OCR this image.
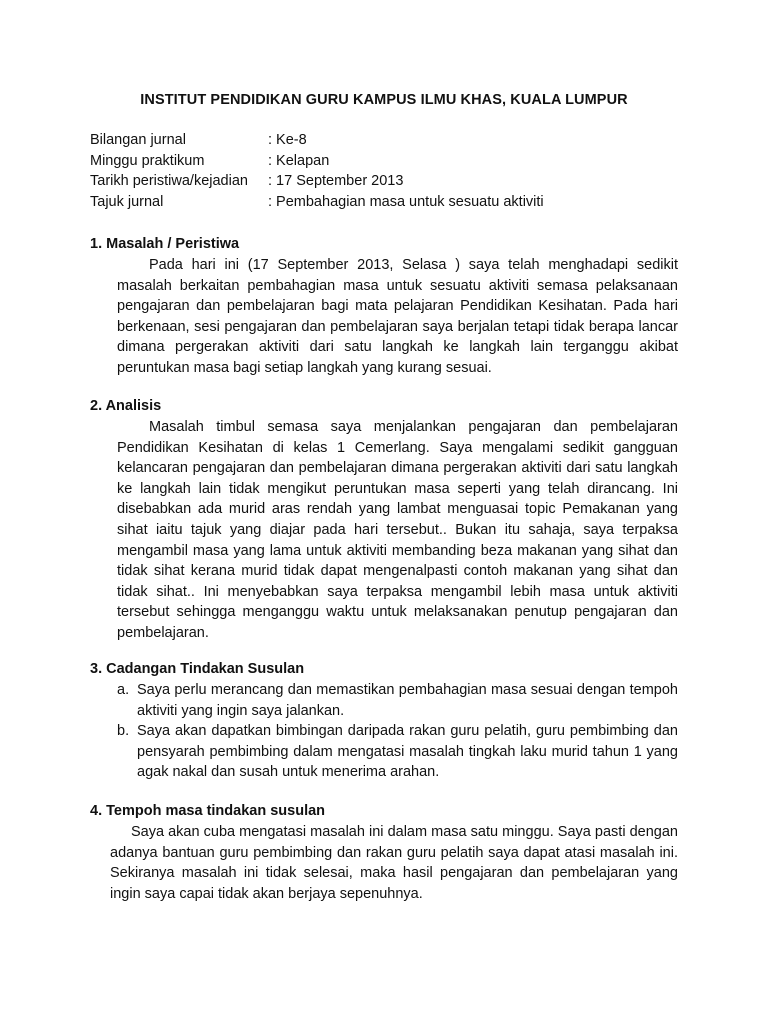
INSTITUT PENDIDIKAN GURU KAMPUS ILMU KHAS, KUALA LUMPUR
Bilangan jurnal	: Ke-8
Minggu praktikum	: Kelapan
Tarikh peristiwa/kejadian	: 17 September 2013
Tajuk jurnal	: Pembahagian masa untuk sesuatu aktiviti
1. Masalah / Peristiwa
Pada hari ini (17 September 2013, Selasa ) saya telah menghadapi sedikit masalah berkaitan pembahagian masa untuk sesuatu aktiviti semasa pelaksanaan pengajaran dan pembelajaran bagi mata pelajaran Pendidikan Kesihatan. Pada hari berkenaan, sesi pengajaran dan pembelajaran saya berjalan tetapi tidak berapa lancar dimana pergerakan aktiviti dari satu langkah ke langkah lain terganggu akibat peruntukan masa bagi setiap langkah yang kurang sesuai.
2. Analisis
Masalah timbul semasa saya menjalankan pengajaran dan pembelajaran Pendidikan Kesihatan di kelas 1 Cemerlang. Saya mengalami sedikit gangguan kelancaran pengajaran dan pembelajaran dimana pergerakan aktiviti dari satu langkah ke langkah lain tidak mengikut peruntukan masa seperti yang telah dirancang. Ini disebabkan ada murid aras rendah yang lambat menguasai topic Pemakanan yang sihat iaitu tajuk yang diajar pada hari tersebut.. Bukan itu sahaja, saya terpaksa mengambil masa yang lama untuk aktiviti membanding beza makanan yang sihat dan tidak sihat kerana murid tidak dapat mengenalpasti contoh makanan yang sihat dan tidak sihat.. Ini menyebabkan saya terpaksa mengambil lebih masa untuk aktiviti tersebut sehingga menganggu waktu untuk melaksanakan penutup pengajaran dan pembelajaran.
3. Cadangan Tindakan Susulan
a. Saya perlu merancang dan memastikan pembahagian masa sesuai dengan tempoh aktiviti yang ingin saya jalankan.
b. Saya akan dapatkan bimbingan daripada rakan guru pelatih, guru pembimbing dan pensyarah pembimbing dalam mengatasi masalah tingkah laku murid tahun 1 yang agak nakal dan susah untuk menerima arahan.
4. Tempoh masa tindakan susulan
Saya akan cuba mengatasi masalah ini dalam masa satu minggu. Saya pasti dengan adanya bantuan guru pembimbing dan rakan guru pelatih saya dapat atasi masalah ini. Sekiranya masalah ini tidak selesai, maka hasil pengajaran dan pembelajaran yang ingin saya capai tidak akan berjaya sepenuhnya.
